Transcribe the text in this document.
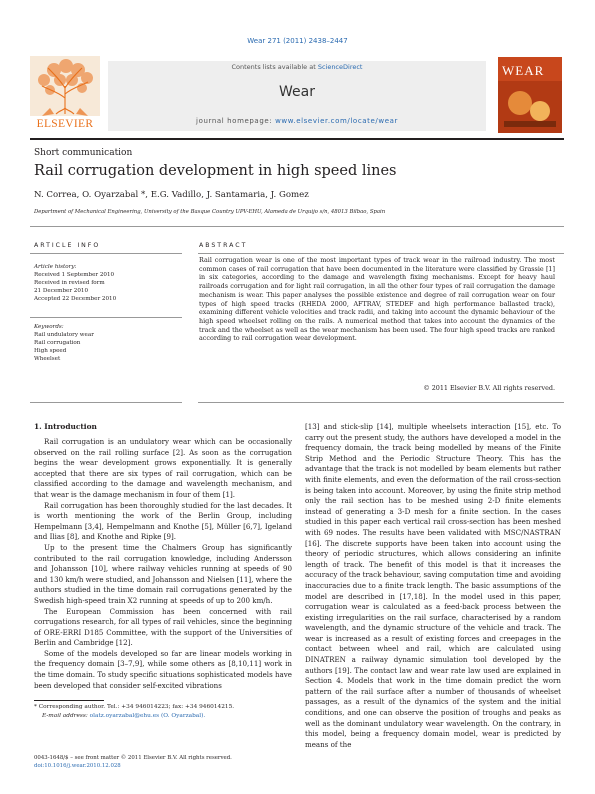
Wear 271 (2011) 2438–2447
ELSEVIER
Contents lists available at ScienceDirect
Wear
journal homepage: www.elsevier.com/locate/wear
WEAR
Short communication
Rail corrugation development in high speed lines
N. Correa, O. Oyarzabal *, E.G. Vadillo, J. Santamaria, J. Gomez
Department of Mechanical Engineering, University of the Basque Country UPV-EHU, Alameda de Urquijo s/n, 48013 Bilbao, Spain
ARTICLE INFO
Article history:
Received 1 September 2010
Received in revised form
21 December 2010
Accepted 22 December 2010
Keywords:
Rail undulatory wear
Rail corrugation
High speed
Wheelset
ABSTRACT
Rail corrugation wear is one of the most important types of track wear in the railroad industry. The most common cases of rail corrugation that have been documented in the literature were classified by Grassie [1] in six categories, according to the damage and wavelength fixing mechanisms. Except for heavy haul railroads corrugation and for light rail corrugation, in all the other four types of rail corrugation the damage mechanism is wear. This paper analyses the possible existence and degree of rail corrugation wear on four types of high speed tracks (RHEDA 2000, AFTRAV, STEDEF and high performance ballasted track), examining different vehicle velocities and track radii, and taking into account the dynamic behaviour of the high speed wheelset rolling on the rails. A numerical method that takes into account the dynamics of the track and the wheelset as well as the wear mechanism has been used. The four high speed tracks are ranked according to rail corrugation wear development.
© 2011 Elsevier B.V. All rights reserved.
1. Introduction

Rail corrugation is an undulatory wear which can be occasionally observed on the rail rolling surface [2]. As soon as the corrugation begins the wear development grows exponentially. It is generally accepted that there are six types of rail corrugation, which can be classified according to the damage and wavelength mechanism, and that wear is the damage mechanism in four of them [1].

Rail corrugation has been thoroughly studied for the last decades. It is worth mentioning the work of the Berlin Group, including Hempelmann [3,4], Hempelmann and Knothe [5], Müller [6,7], Igeland and Ilias [8], and Knothe and Ripke [9].

Up to the present time the Chalmers Group has significantly contributed to the rail corrugation knowledge, including Andersson and Johansson [10], where railway vehicles running at speeds of 90 and 130 km/h were studied, and Johansson and Nielsen [11], where the authors studied in the time domain rail corrugations generated by the Swedish high-speed train X2 running at speeds of up to 200 km/h.

The European Commission has been concerned with rail corrugations research, for all types of rail vehicles, since the beginning of ORE-ERRI D185 Committee, with the support of the Universities of Berlin and Cambridge [12].

Some of the models developed so far are linear models working in the frequency domain [3–7,9], while some others as [8,10,11] work in the time domain. To study specific situations sophisticated models have been developed that consider self-excited vibrations

[13] and stick-slip [14], multiple wheelsets interaction [15], etc. To carry out the present study, the authors have developed a model in the frequency domain, the track being modelled by means of the Finite Strip Method and the Periodic Structure Theory. This has the advantage that the track is not modelled by beam elements but rather with finite elements, and even the deformation of the rail cross-section is being taken into account. Moreover, by using the finite strip method only the rail section has to be meshed using 2-D finite elements instead of generating a 3-D mesh for a finite section. In the cases studied in this paper each vertical rail cross-section has been meshed with 69 nodes. The results have been validated with MSC/NASTRAN [16]. The discrete supports have been taken into account using the theory of periodic structures, which allows considering an infinite length of track. The benefit of this model is that it increases the accuracy of the track behaviour, saving computation time and avoiding inaccuracies due to a finite track length. The basic assumptions of the model are described in [17,18]. In the model used in this paper, corrugation wear is calculated as a feed-back process between the existing irregularities on the rail surface, characterised by a random wavelength, and the dynamic structure of the vehicle and track. The wear is increased as a result of existing forces and creepages in the contact between wheel and rail, which are calculated using DINATREN a railway dynamic simulation tool developed by the authors [19]. The contact law and wear rate law used are explained in Section 4. Models that work in the time domain predict the worn pattern of the rail surface after a number of thousands of wheelset passages, as a result of the dynamics of the system and the initial conditions, and one can observe the position of troughs and peaks as well as the dominant undulatory wear wavelength. On the contrary, in this model, being a frequency domain model, wear is predicted by means of the

* Corresponding author. Tel.: +34 946014223; fax: +34 946014215.
E-mail address: olatz.oyarzabal@ehu.es (O. Oyarzabal).
0043-1648/$ – see front matter © 2011 Elsevier B.V. All rights reserved.
doi:10.1016/j.wear.2010.12.028
